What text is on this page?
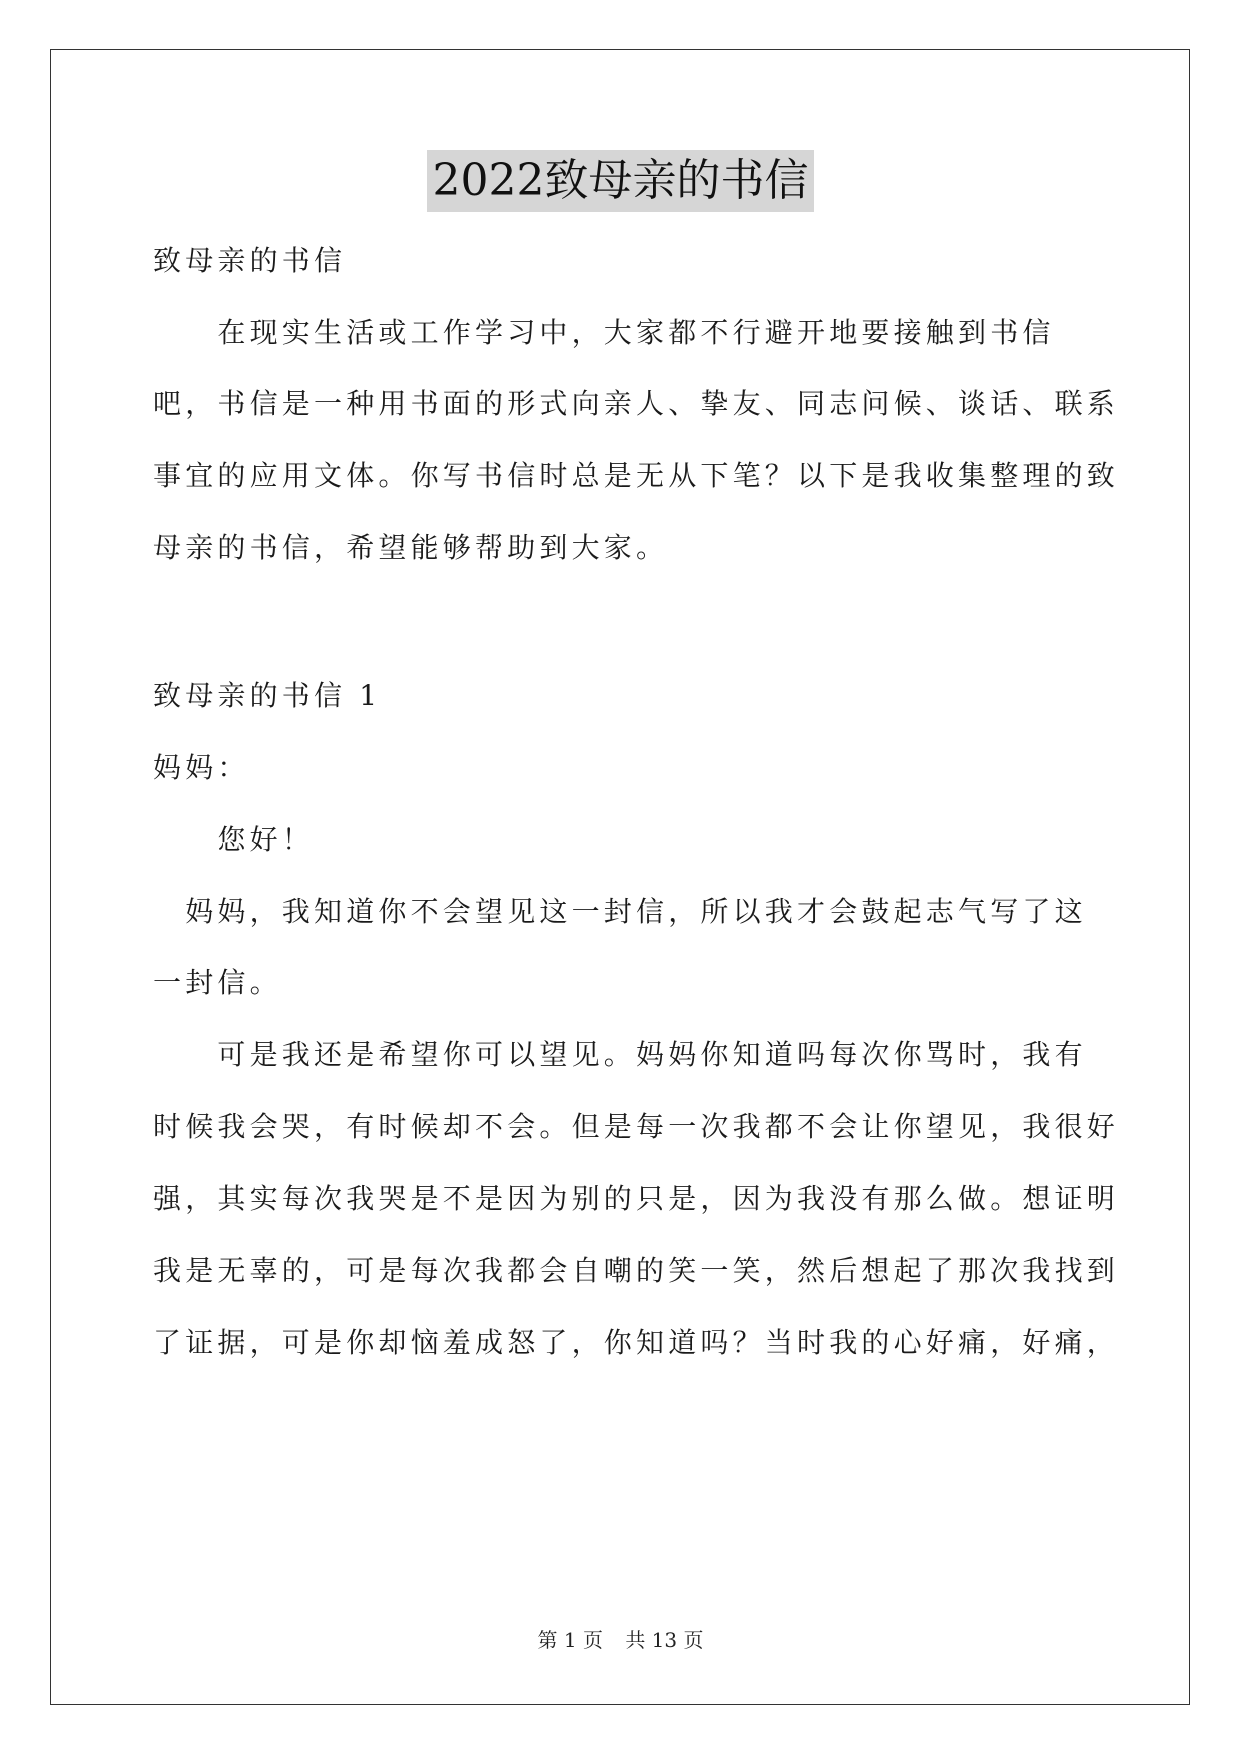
2022致母亲的书信
致母亲的书信
　　在现实生活或工作学习中，大家都不行避开地要接触到书信
吧，书信是一种用书面的形式向亲人、挚友、同志问候、谈话、联系
事宜的应用文体。你写书信时总是无从下笔？以下是我收集整理的致
母亲的书信，希望能够帮助到大家。
致母亲的书信 1
妈妈：
　　您好！
　妈妈，我知道你不会望见这一封信，所以我才会鼓起志气写了这
一封信。
　　可是我还是希望你可以望见。妈妈你知道吗每次你骂时，我有
时候我会哭，有时候却不会。但是每一次我都不会让你望见，我很好
强，其实每次我哭是不是因为别的只是，因为我没有那么做。想证明
我是无辜的，可是每次我都会自嘲的笑一笑，然后想起了那次我找到
了证据，可是你却恼羞成怒了，你知道吗？当时我的心好痛，好痛，
第 1 页 共 13 页
